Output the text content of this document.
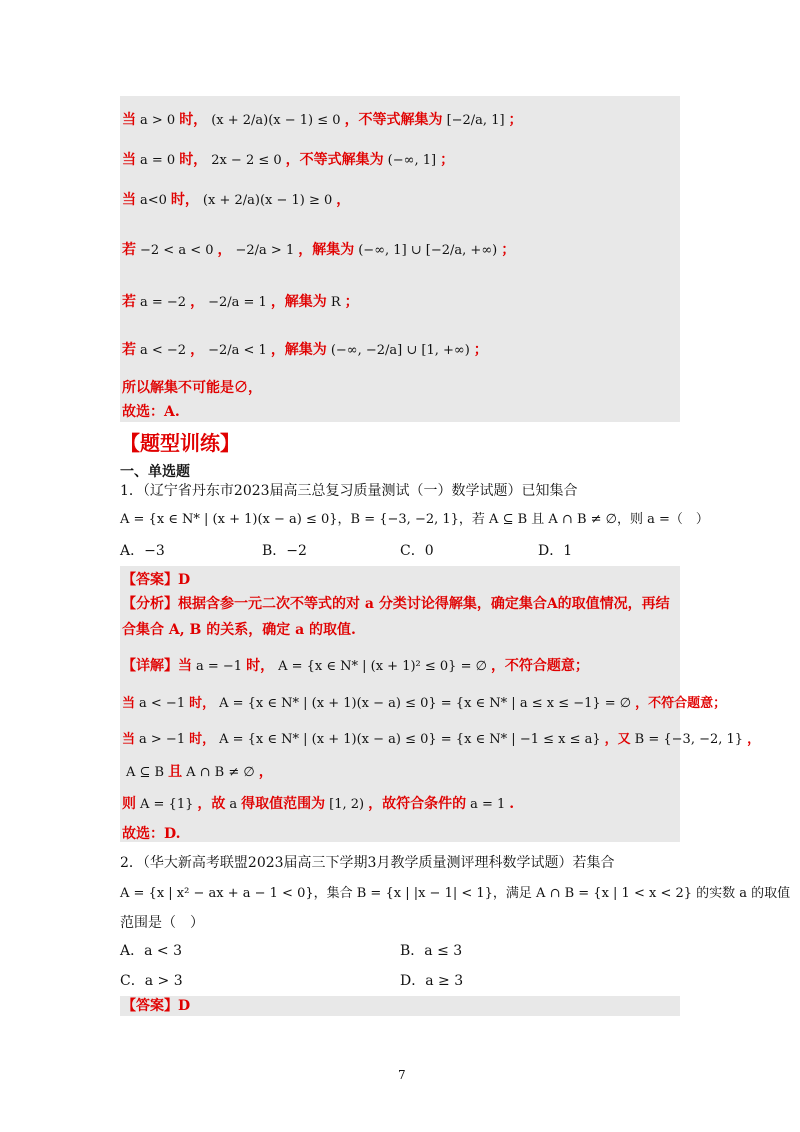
当 a > 0 时， (x + 2/a)(x − 1) ≤ 0 ，不等式解集为 [−2/a, 1] ；
当 a = 0 时， 2x − 2 ≤ 0 ，不等式解集为 (−∞, 1] ；
当 a<0 时， (x + 2/a)(x − 1) ≥ 0 ，
若 −2 < a < 0 ， −2/a > 1 ，解集为 (−∞, 1] ∪ [−2/a, +∞) ；
若 a = −2 ， −2/a = 1 ，解集为 R ；
若 a < −2 ， −2/a < 1 ，解集为 (−∞, −2/a] ∪ [1, +∞) ；
所以解集不可能是∅，
故选：A.
【题型训练】
一、单选题
1．（辽宁省丹东市2023届高三总复习质量测试（一）数学试题）已知集合
A = {x ∈ N* | (x + 1)(x − a) ≤ 0}，B = {−3, −2, 1}，若 A ⊆ B 且 A ∩ B ≠ ∅，则 a =（　）
A．−3	B．−2	C．0	D．1
【答案】D
【分析】根据含参一元二次不等式的对 a 分类讨论得解集，确定集合A的取值情况，再结
合集合 A, B 的关系，确定 a 的取值.
【详解】当 a = −1 时， A = {x ∈ N* | (x + 1)² ≤ 0} = ∅ ，不符合题意；
当 a < −1 时， A = {x ∈ N* | (x + 1)(x − a) ≤ 0} = {x ∈ N* | a ≤ x ≤ −1} = ∅ ，不符合题意；
当 a > −1 时， A = {x ∈ N* | (x + 1)(x − a) ≤ 0} = {x ∈ N* | −1 ≤ x ≤ a} ，又 B = {−3, −2, 1} ，
A ⊆ B 且 A ∩ B ≠ ∅ ，
则 A = {1} ，故 a 得取值范围为 [1, 2) ，故符合条件的 a = 1 .
故选：D.
2．（华大新高考联盟2023届高三下学期3月教学质量测评理科数学试题）若集合
A = {x | x² − ax + a − 1 < 0}，集合 B = {x | |x − 1| < 1}，满足 A ∩ B = {x | 1 < x < 2} 的实数 a 的取值
范围是（　）
A．a < 3	B．a ≤ 3
C．a > 3	D．a ≥ 3
【答案】D
7
